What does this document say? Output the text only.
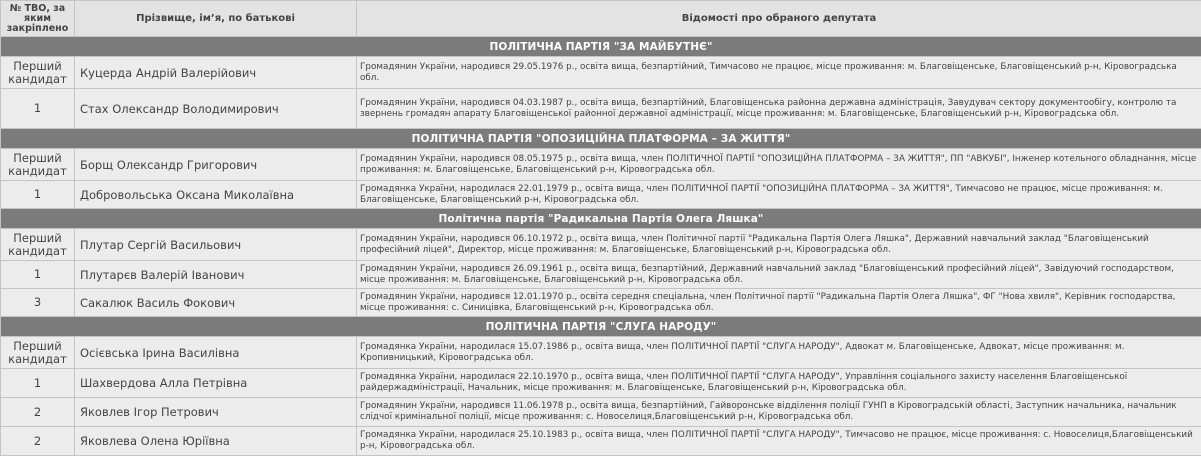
№ ТВО, за яким закріплено	Прізвище, ім’я, по батькові	Відомості про обраного депутата
ПОЛІТИЧНА ПАРТІЯ "ЗА МАЙБУТНЄ"		
Перший кандидат	Куцерда Андрій Валерійович	Громадянин України, народився 29.05.1976 р., освіта вища, безпартійний, Тимчасово не працює, місце проживання: м. Благовіщенське, Благовіщенський р-н, Кіровоградська обл.
1	Стах Олександр Володимирович	Громадянин України, народився 04.03.1987 р., освіта вища, безпартійний, Благовіщенська районна державна адміністрація, Завудувач сектору документообігу, контролю та звернень громадян апарату Благовіщенської районної державної адміністрації, місце проживання: м. Благовіщенське, Благовіщенський р-н, Кіровоградська обл.
ПОЛІТИЧНА ПАРТІЯ "ОПОЗИЦІЙНА ПЛАТФОРМА – ЗА ЖИТТЯ"		
Перший кандидат	Борщ Олександр Григорович	Громадянин України, народився 08.05.1975 р., освіта вища, член ПОЛІТИЧНОЇ ПАРТІЇ "ОПОЗИЦІЙНА ПЛАТФОРМА – ЗА ЖИТТЯ", ПП "АВКУБІ", Інженер котельного обладнання, місце проживання: м. Благовіщенське, Благовіщенський р-н, Кіровоградська обл.
1	Добровольська Оксана Миколаївна	Громадянка України, народилася 22.01.1979 р., освіта вища, член ПОЛІТИЧНОЇ ПАРТІЇ "ОПОЗИЦІЙНА ПЛАТФОРМА – ЗА ЖИТТЯ", Тимчасово не працює, місце проживання: м. Благовіщенське, Благовіщенський р-н, Кіровоградська обл.
Політична партія "Радикальна Партія Олега Ляшка"		
Перший кандидат	Плутар Сергій Васильович	Громадянин України, народився 06.10.1972 р., освіта вища, член Політичної партії "Радикальна Партія Олега Ляшка", Державний навчальний заклад "Благовіщенський професійний ліцей", Директор, місце проживання: м. Благовіщенське, Благовіщенський р-н, Кіровоградська обл.
1	Плутарєв Валерій Іванович	Громадянин України, народився 26.09.1961 р., освіта вища, безпартійний, Державний навчальний заклад "Благовіщенський професійний ліцей", Завідуючий господарством, місце проживання: м. Благовіщенське, Благовіщенський р-н, Кіровоградська обл.
3	Сакалюк Василь Фокович	Громадянин України, народився 12.01.1970 р., освіта середня спеціальна, член Політичної партії "Радикальна Партія Олега Ляшка", ФГ "Нова хвиля", Керівник господарства, місце проживання: с. Синицівка, Благовіщенський р-н, Кіровоградська обл.
ПОЛІТИЧНА ПАРТІЯ "СЛУГА НАРОДУ"		
Перший кандидат	Осієвська Ірина Василівна	Громадянка України, народилася 15.07.1986 р., освіта вища, член ПОЛІТИЧНОЇ ПАРТІЇ "СЛУГА НАРОДУ", Адвокат м. Благовіщенське, Адвокат, місце проживання: м. Кропивницький, Кіровоградська обл.
1	Шахвердова Алла Петрівна	Громадянка України, народилася 22.10.1970 р., освіта вища, член ПОЛІТИЧНОЇ ПАРТІЇ "СЛУГА НАРОДУ", Управління соціального захисту населення Благовіщенської райдержадміністрації, Начальник, місце проживання: м. Благовіщенське, Благовіщенський р-н, Кіровоградська обл.
2	Яковлев Ігор Петрович	Громадянин України, народився 11.06.1978 р., освіта вища, безпартійний, Гайворонське відділення поліції ГУНП в Кіровоградській області, Заступник начальника, начальник слідчої кримінальної поліції, місце проживання: с. Новоселиця,Благовіщенський р-н, Кіровоградська обл.
2	Яковлева Олена Юріївна	Громадянка України, народилася 25.10.1983 р., освіта вища, член ПОЛІТИЧНОЇ ПАРТІЇ "СЛУГА НАРОДУ", Тимчасово не працює, місце проживання: с. Новоселиця,Благовіщенський р-н, Кіровоградська обл.
